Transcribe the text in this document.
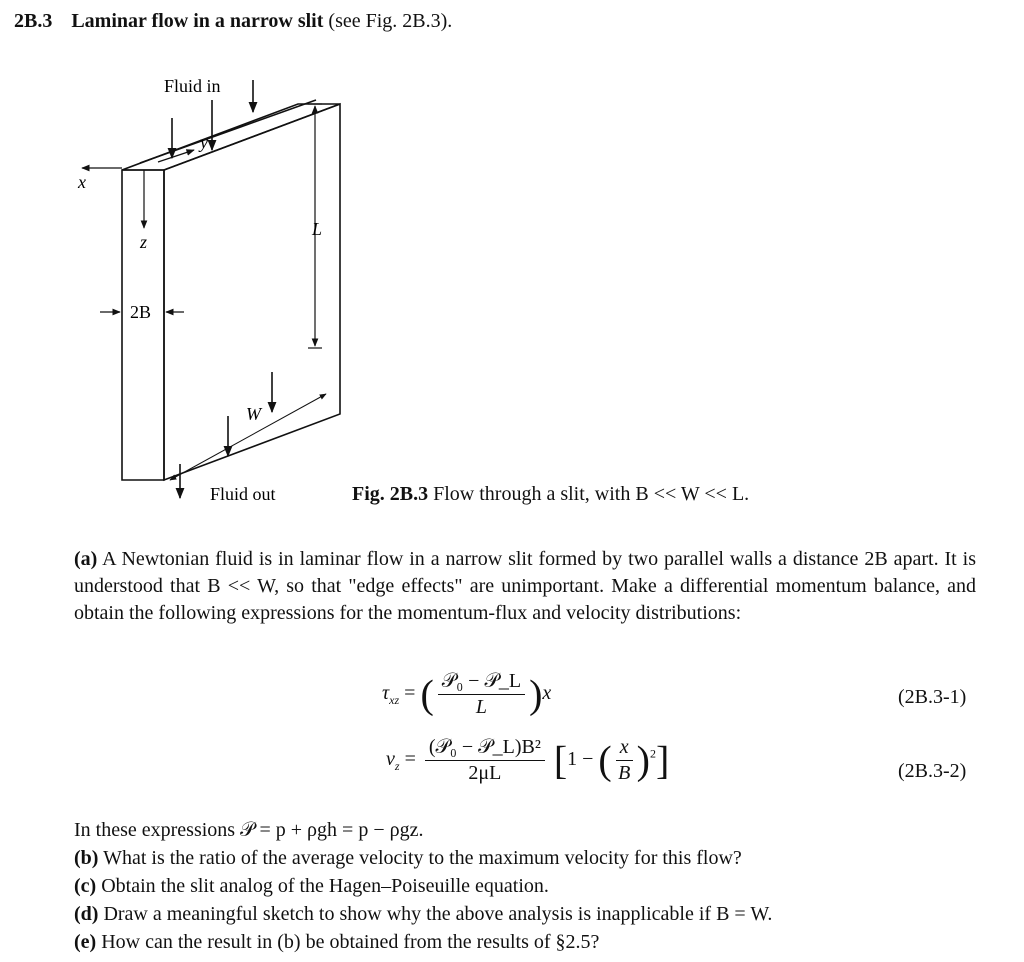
2B.3 Laminar flow in a narrow slit (see Fig. 2B.3).
L
Fluid in
y
x
z
2B
W
Fluid out	Fig. 2B.3 Flow through a slit, with B << W << L.
(a) A Newtonian fluid is in laminar flow in a narrow slit formed by two parallel walls a distance 2B apart. It is understood that B << W, so that "edge effects" are unimportant. Make a differential momentum balance, and obtain the following expressions for the momentum-flux and velocity distributions:
$\tau_{xz}$ = ( $\frac{\text{𝒫₀ − 𝒫\_L}}{L} )x$	(2B.3-1)
$v_z = \frac{\text{(𝒫₀ − 𝒫\_L)B²}}{2\mu L} [1$ − ( $\frac{x}{B} )^2$]	(2B.3-2)
In these expressions 𝒫 = p + ρgh = p − ρgz.
(b) What is the ratio of the average velocity to the maximum velocity for this flow?
(c) Obtain the slit analog of the Hagen–Poiseuille equation.
(d) Draw a meaningful sketch to show why the above analysis is inapplicable if B = W.
(e) How can the result in (b) be obtained from the results of §2.5?
